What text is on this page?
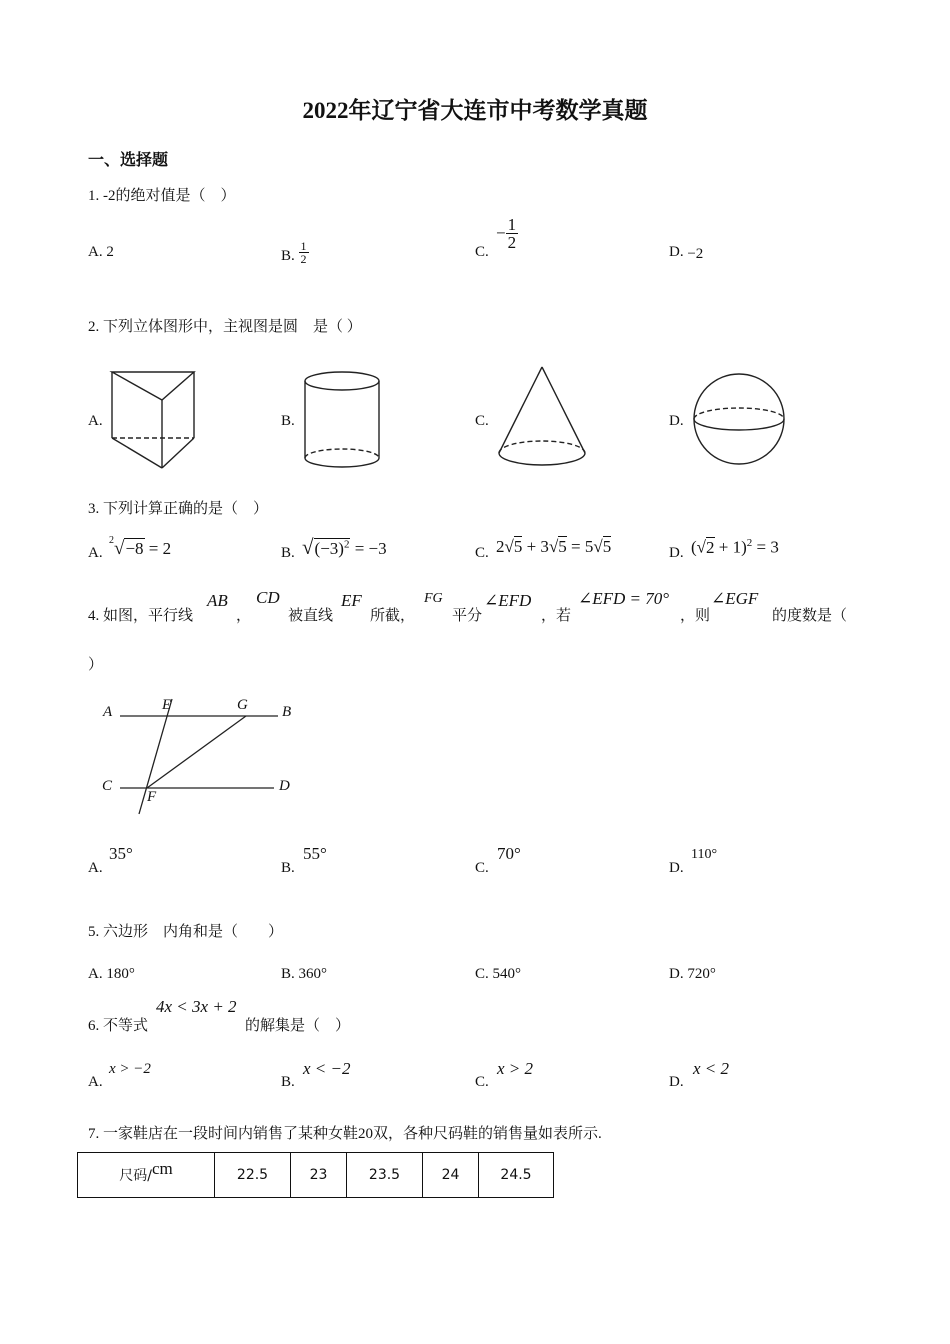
2022年辽宁省大连市中考数学真题
一、选择题
1. -2的绝对值是（　）
A. 2	B. $\frac{1}{2}$	C.
− $\frac{1}{2}$
D. −2
2. 下列立体图形中，主视图是圆　是（ ）
A.	B.	C.	D.
3. 下列计算正确的是（　）
A.
$^2$√−8 = 2	B. $√(-3)^2 = -3$	C. 2√5 + 3√5 = 5√5	D. $(√2 + 1)^2 = 3$
4. 如图，平行线
AB
，
CD
被直线
EF
所截，
FG
平分
∠EFD
，若
∠EFD = 70°
，则
∠EGF
的度数是（
）
A	E	G B
C
F
D
A.
35°
B.
55°
C.
70°
D.
110°
5. 六边形　内角和是（　　）
A. 180°	B. 360°	C. 540°	D. 720°
6. 不等式
4x < 3x + 2
的解集是（　）
A.
x > −2
B.
x < −2
C.
x > 2
D.
x < 2
7. 一家鞋店在一段时间内销售了某种女鞋20双，各种尺码鞋的销售量如表所示.
尺码/cm	22.5	23	23.5	24	24.5
